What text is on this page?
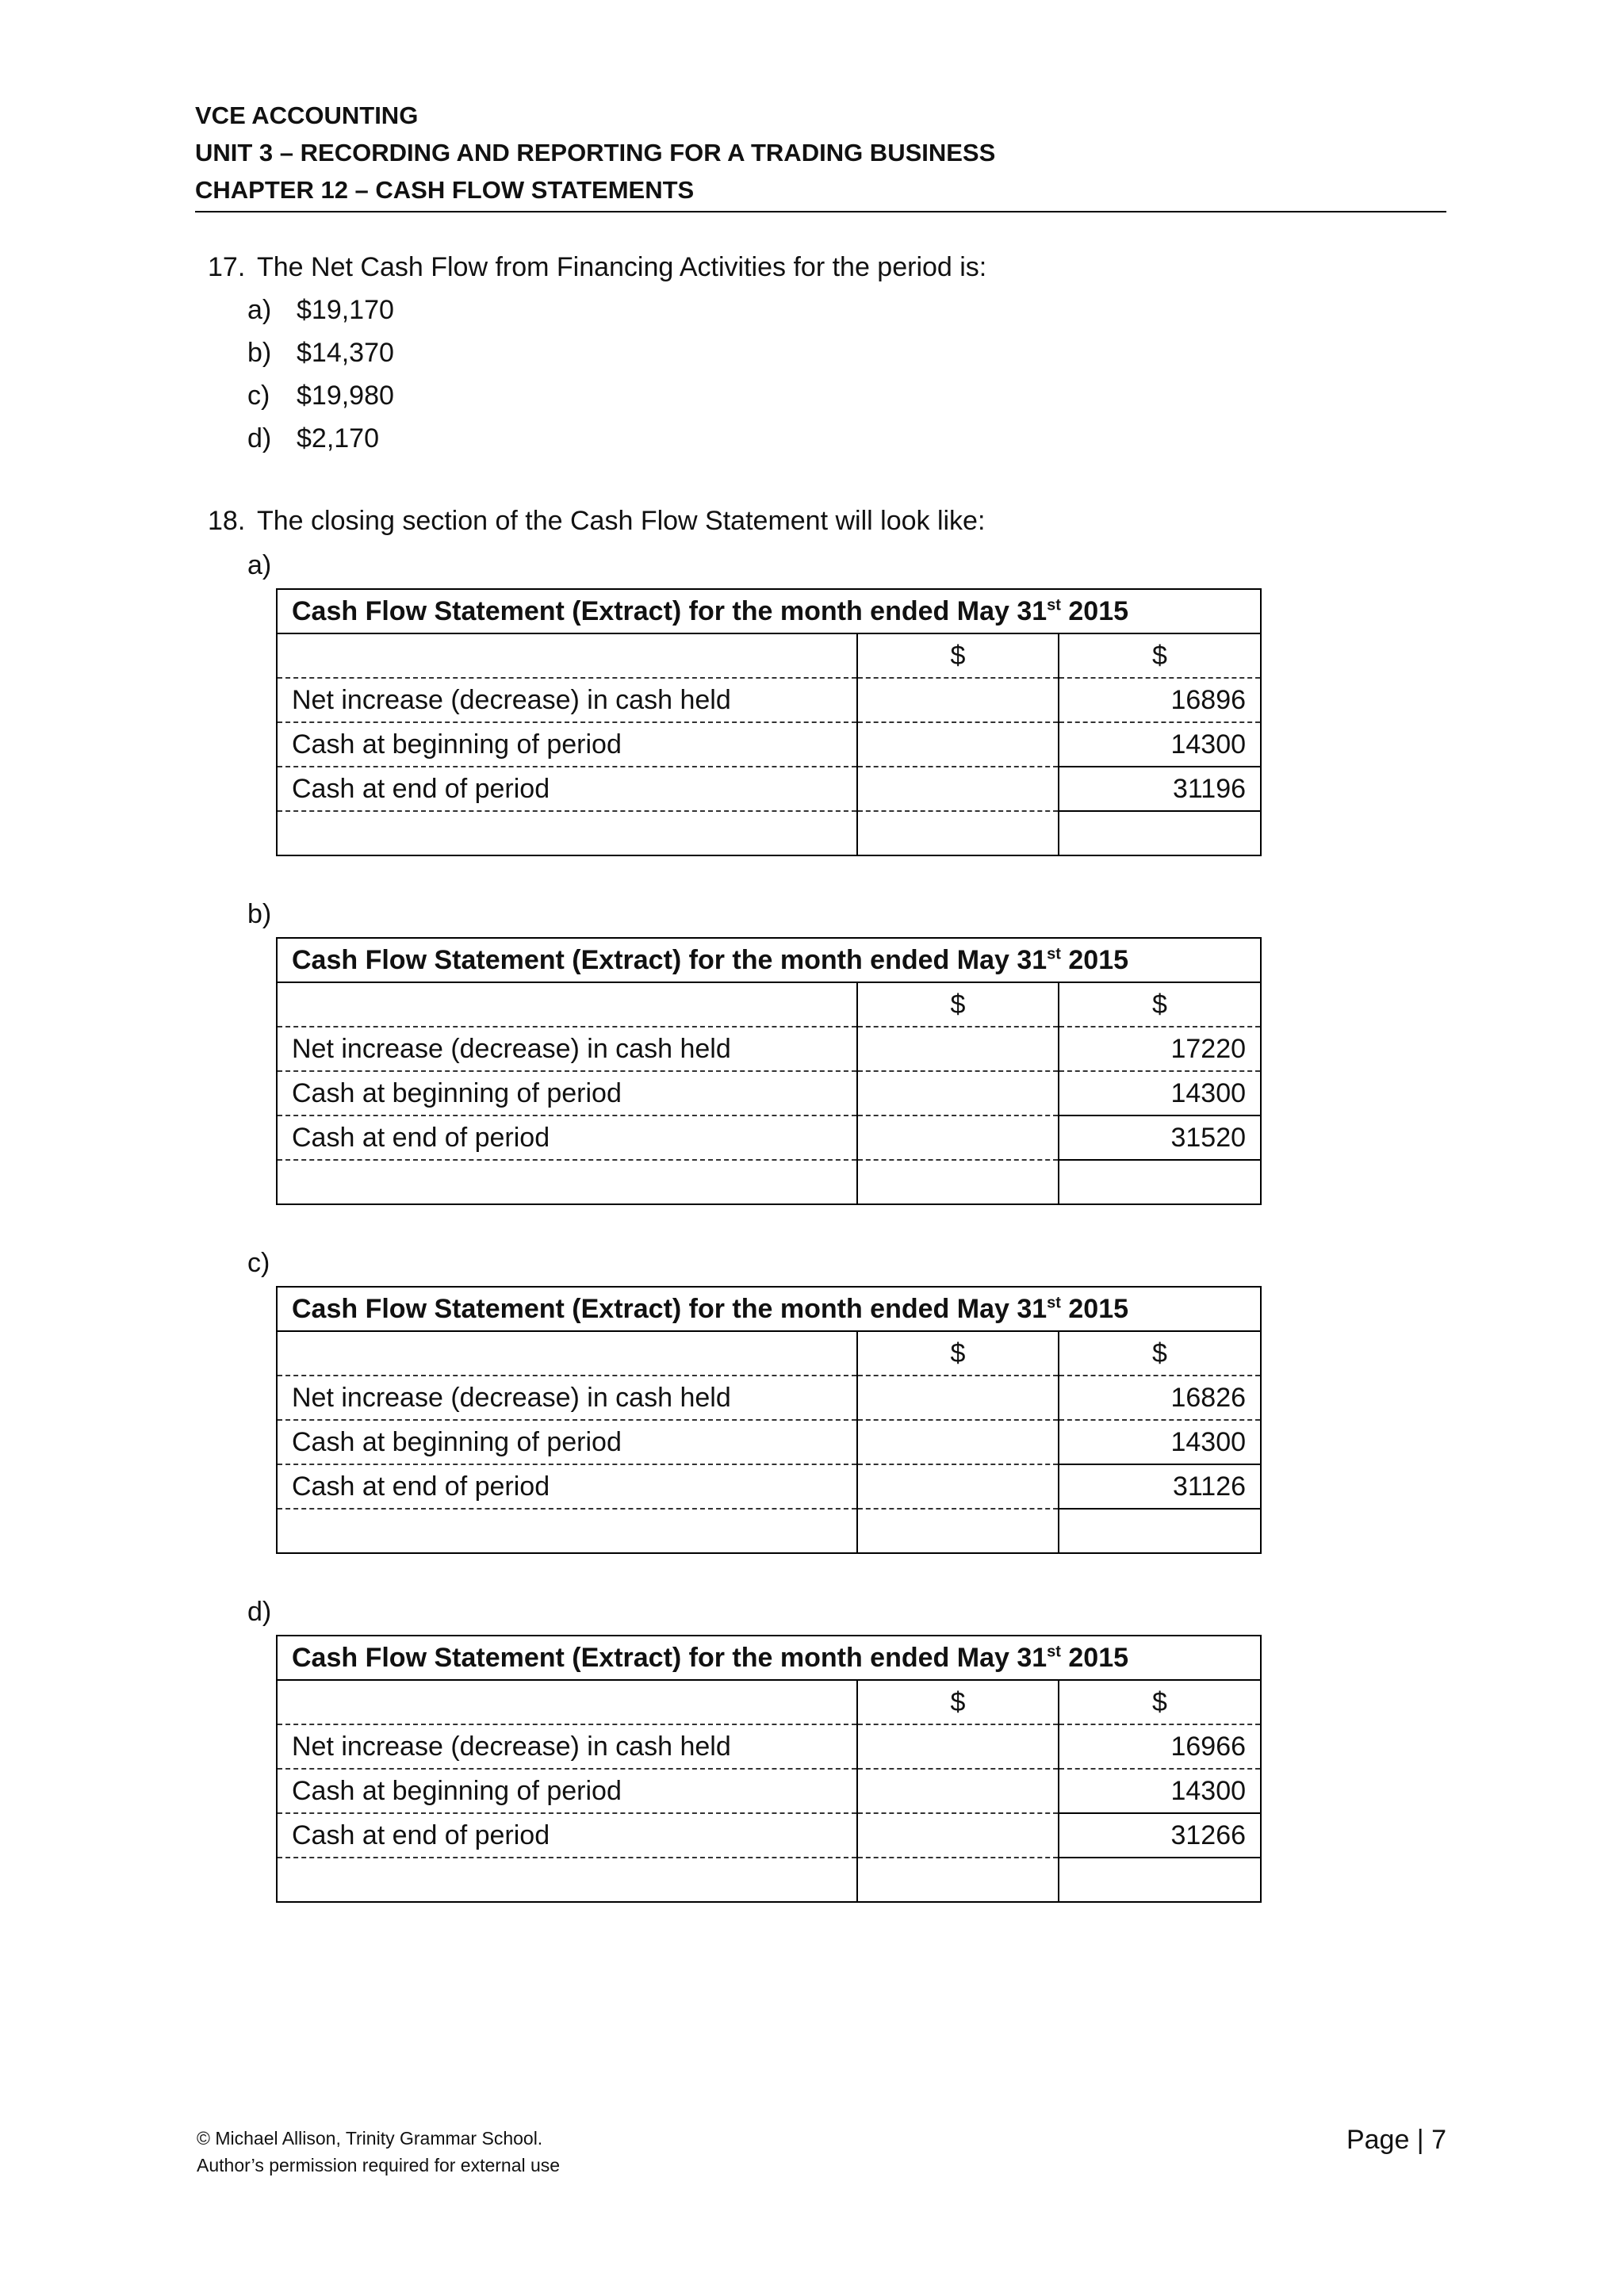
VCE ACCOUNTING
UNIT 3 – RECORDING AND REPORTING FOR A TRADING BUSINESS
CHAPTER 12 – CASH FLOW STATEMENTS
17. The Net Cash Flow from Financing Activities for the period is:
a) $19,170
b) $14,370
c) $19,980
d) $2,170
18. The closing section of the Cash Flow Statement will look like:
a)
Cash Flow Statement (Extract) for the month ended May 31st 2015		
	$	$
Net increase (decrease) in cash held		16896
Cash at beginning of period		14300
Cash at end of period		31196

b)
Cash Flow Statement (Extract) for the month ended May 31st 2015		
	$	$
Net increase (decrease) in cash held		17220
Cash at beginning of period		14300
Cash at end of period		31520

c)
Cash Flow Statement (Extract) for the month ended May 31st 2015		
	$	$
Net increase (decrease) in cash held		16826
Cash at beginning of period		14300
Cash at end of period		31126

d)
Cash Flow Statement (Extract) for the month ended May 31st 2015		
	$	$
Net increase (decrease) in cash held		16966
Cash at beginning of period		14300
Cash at end of period		31266

© Michael Allison, Trinity Grammar School.
Author’s permission required for external use
Page | 7
